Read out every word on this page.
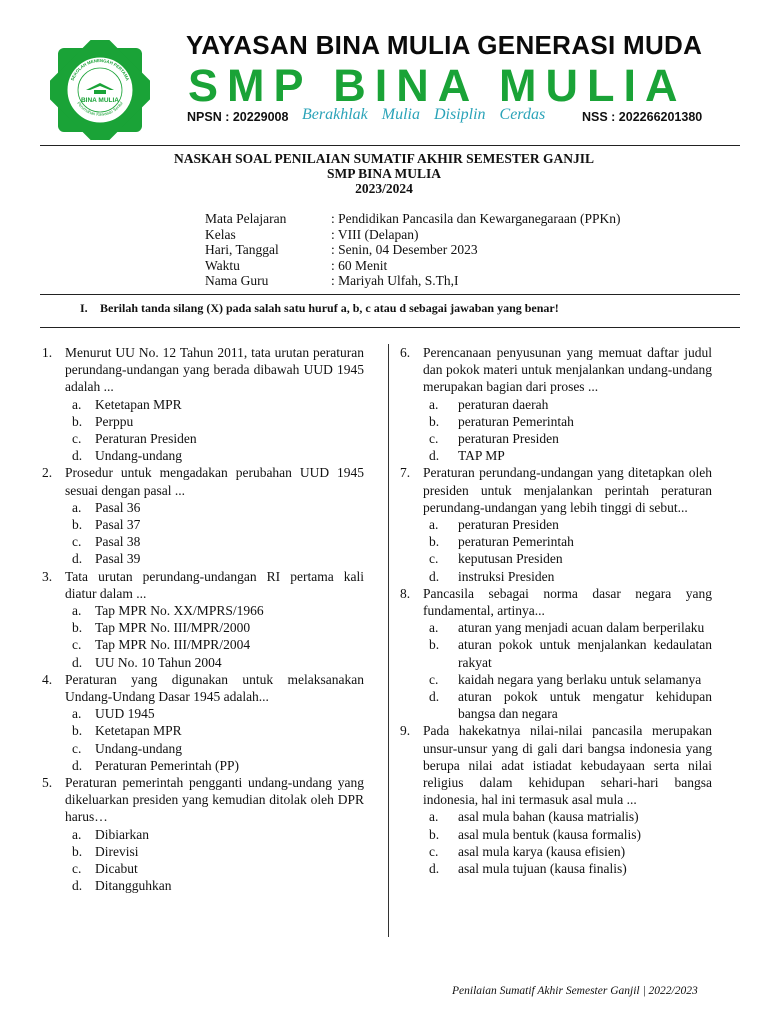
BINA MULIA
SEKOLAH MENENGAH PERTAMA
Perumahan Kawasan Sentul
YAYASAN BINA MULIA GENERASI MUDA
SMP BINA MULIA
NPSN : 20229008 Berakhlak Mulia Disiplin Cerdas	NSS : 202266201380
NASKAH SOAL PENILAIAN SUMATIF AKHIR SEMESTER GANJIL
SMP BINA MULIA
2023/2024
Mata Pelajaran	: Pendidikan Pancasila dan Kewarganegaraan (PPKn)
Kelas	: VIII (Delapan)
Hari, Tanggal	: Senin, 04 Desember 2023
Waktu	: 60 Menit
Nama Guru	: Mariyah Ulfah, S.Th,I
I. Berilah tanda silang (X) pada salah satu huruf a, b, c atau d sebagai jawaban yang benar!
1. Menurut UU No. 12 Tahun 2011, tata urutan peraturan perundang-undangan yang berada dibawah UUD 1945 adalah ...
a. Ketetapan MPR
b. Perppu
c. Peraturan Presiden
d. Undang-undang
2. Prosedur untuk mengadakan perubahan UUD 1945 sesuai dengan pasal ...
a. Pasal 36
b. Pasal 37
c. Pasal 38
d. Pasal 39
3. Tata urutan perundang-undangan RI pertama kali diatur dalam ...
a. Tap MPR No. XX/MPRS/1966
b. Tap MPR No. III/MPR/2000
c. Tap MPR No. III/MPR/2004
d. UU No. 10 Tahun 2004
4. Peraturan yang digunakan untuk melaksanakan Undang-Undang Dasar 1945 adalah...
a. UUD 1945
b. Ketetapan MPR
c. Undang-undang
d. Peraturan Pemerintah (PP)
5. Peraturan pemerintah pengganti undang-undang yang dikeluarkan presiden yang kemudian ditolak oleh DPR harus…
a. Dibiarkan
b. Direvisi
c. Dicabut
d. Ditangguhkan
6. Perencanaan penyusunan yang memuat daftar judul dan pokok materi untuk menjalankan undang-undang merupakan bagian dari proses ...
a. peraturan daerah
b. peraturan Pemerintah
c. peraturan Presiden
d. TAP MP
7. Peraturan perundang-undangan yang ditetapkan oleh presiden untuk menjalankan perintah peraturan perundang-undangan yang lebih tinggi di sebut...
a. peraturan Presiden
b. peraturan Pemerintah
c. keputusan Presiden
d. instruksi Presiden
8. Pancasila sebagai norma dasar negara yang fundamental, artinya...
a. aturan yang menjadi acuan dalam berperilaku
b. aturan pokok untuk menjalankan kedaulatan rakyat
c. kaidah negara yang berlaku untuk selamanya
d. aturan pokok untuk mengatur kehidupan bangsa dan negara
9. Pada hakekatnya nilai-nilai pancasila merupakan unsur-unsur yang di gali dari bangsa indonesia yang berupa nilai adat istiadat kebudayaan serta nilai religius dalam kehidupan sehari-hari bangsa indonesia, hal ini termasuk asal mula ...
a. asal mula bahan (kausa matrialis)
b. asal mula bentuk (kausa formalis)
c. asal mula karya (kausa efisien)
d. asal mula tujuan (kausa finalis)
Penilaian Sumatif Akhir Semester Ganjil | 2022/2023
